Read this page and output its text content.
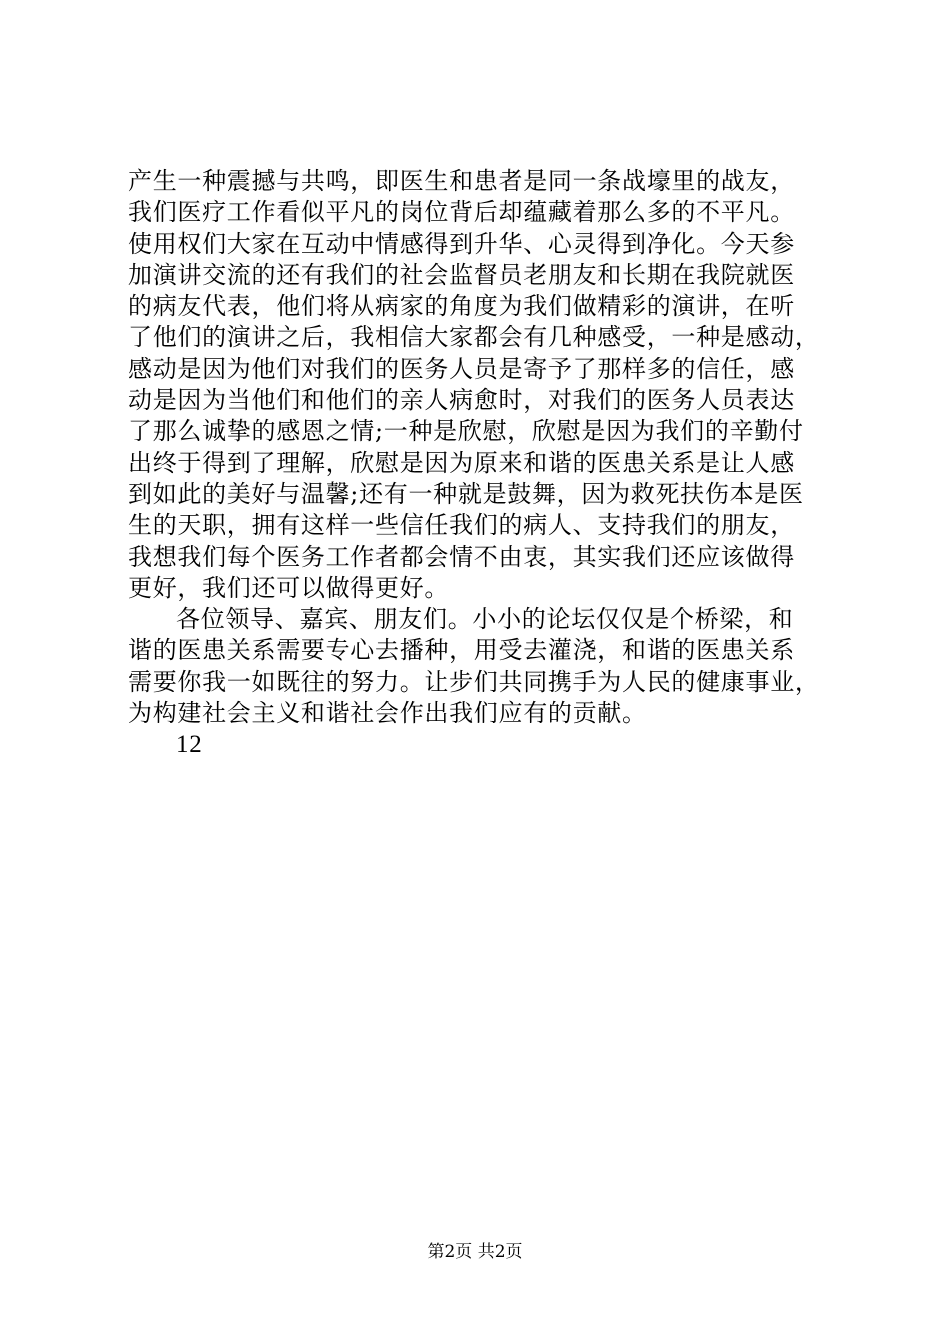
产生一种震撼与共鸣，即医生和患者是同一条战壕里的战友，
我们医疗工作看似平凡的岗位背后却蕴藏着那么多的不平凡。
使用权们大家在互动中情感得到升华、心灵得到净化。今天参
加演讲交流的还有我们的社会监督员老朋友和长期在我院就医
的病友代表，他们将从病家的角度为我们做精彩的演讲，在听
了他们的演讲之后，我相信大家都会有几种感受，一种是感动，
感动是因为他们对我们的医务人员是寄予了那样多的信任，感
动是因为当他们和他们的亲人病愈时，对我们的医务人员表达
了那么诚挚的感恩之情;一种是欣慰，欣慰是因为我们的辛勤付
出终于得到了理解，欣慰是因为原来和谐的医患关系是让人感
到如此的美好与温馨;还有一种就是鼓舞，因为救死扶伤本是医
生的天职，拥有这样一些信任我们的病人、支持我们的朋友，
我想我们每个医务工作者都会情不由衷，其实我们还应该做得
更好，我们还可以做得更好。
各位领导、嘉宾、朋友们。小小的论坛仅仅是个桥梁，和
谐的医患关系需要专心去播种，用受去灌浇，和谐的医患关系
需要你我一如既往的努力。让步们共同携手为人民的健康事业，
为构建社会主义和谐社会作出我们应有的贡献。
12
第2页 共2页
